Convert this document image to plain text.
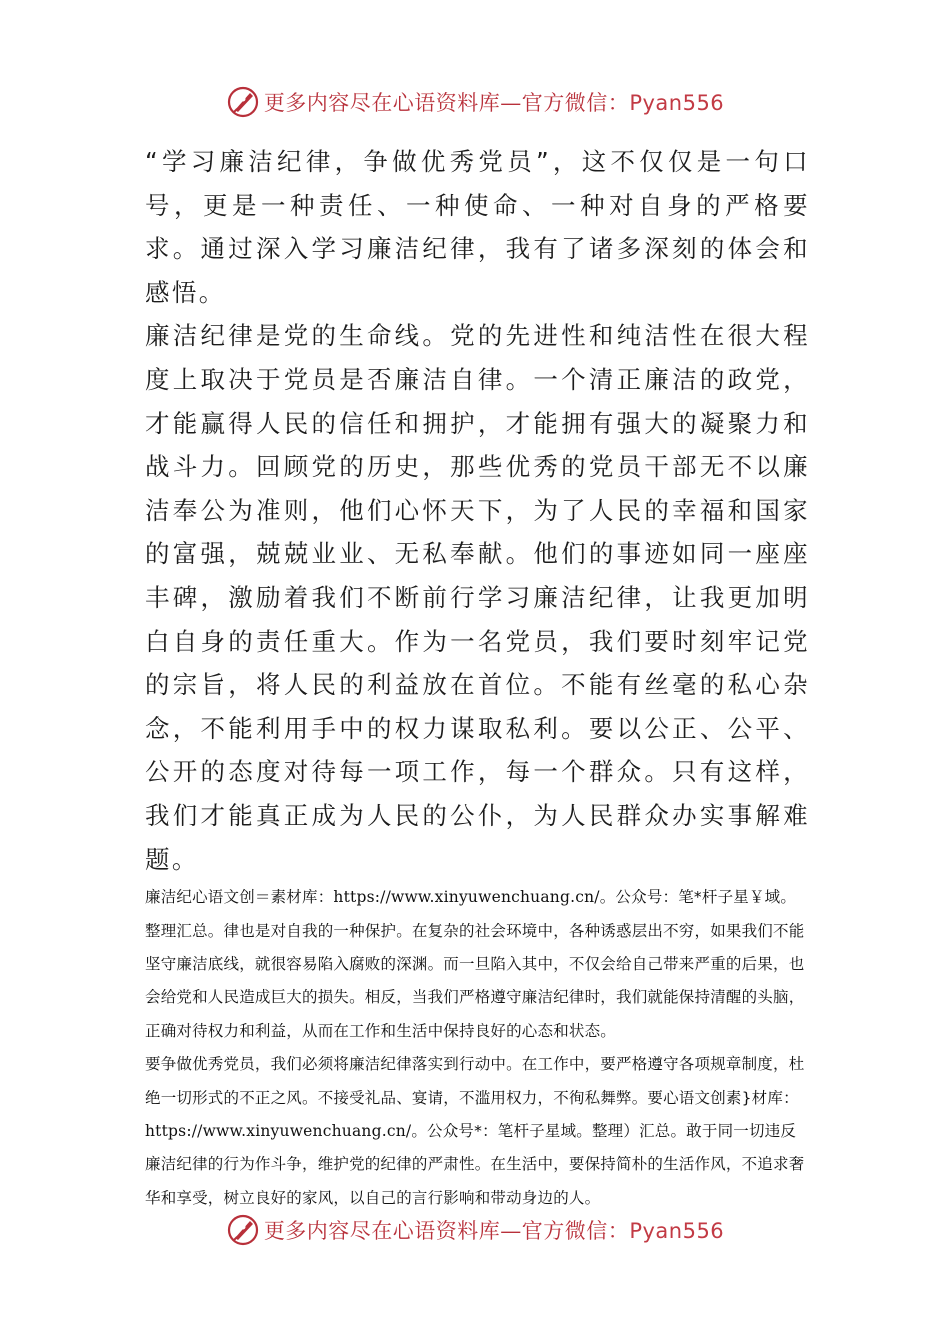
更多内容尽在心语资料库—官方微信：Pyan556

“学习廉洁纪律，争做优秀党员”，这不仅仅是一句口号，更是一种责任、一种使命、一种对自身的严格要求。通过深入学习廉洁纪律，我有了诸多深刻的体会和感悟。

廉洁纪律是党的生命线。党的先进性和纯洁性在很大程度上取决于党员是否廉洁自律。一个清正廉洁的政党，才能赢得人民的信任和拥护，才能拥有强大的凝聚力和战斗力。回顾党的历史，那些优秀的党员干部无不以廉洁奉公为准则，他们心怀天下，为了人民的幸福和国家的富强，兢兢业业、无私奉献。他们的事迹如同一座座丰碑，激励着我们不断前行学习廉洁纪律，让我更加明白自身的责任重大。作为一名党员，我们要时刻牢记党的宗旨，将人民的利益放在首位。不能有丝毫的私心杂念，不能利用手中的权力谋取私利。要以公正、公平、公开的态度对待每一项工作，每一个群众。只有这样，我们才能真正成为人民的公仆，为人民群众办实事解难题。

廉洁纪心语文创＝素材库：https://www.xinyuwenchuang.cn/。公众号：笔*杆子星￥域。整理汇总。律也是对自我的一种保护。在复杂的社会环境中，各种诱惑层出不穷，如果我们不能坚守廉洁底线，就很容易陷入腐败的深渊。而一旦陷入其中，不仅会给自己带来严重的后果，也会给党和人民造成巨大的损失。相反，当我们严格遵守廉洁纪律时，我们就能保持清醒的头脑，正确对待权力和利益，从而在工作和生活中保持良好的心态和状态。

要争做优秀党员，我们必须将廉洁纪律落实到行动中。在工作中，要严格遵守各项规章制度，杜绝一切形式的不正之风。不接受礼品、宴请，不滥用权力，不徇私舞弊。要心语文创素}材库：https://www.xinyuwenchuang.cn/。公众号*：笔杆子星域。整理）汇总。敢于同一切违反廉洁纪律的行为作斗争，维护党的纪律的严肃性。在生活中，要保持简朴的生活作风，不追求奢华和享受，树立良好的家风，以自己的言行影响和带动身边的人。

更多内容尽在心语资料库—官方微信：Pyan556
